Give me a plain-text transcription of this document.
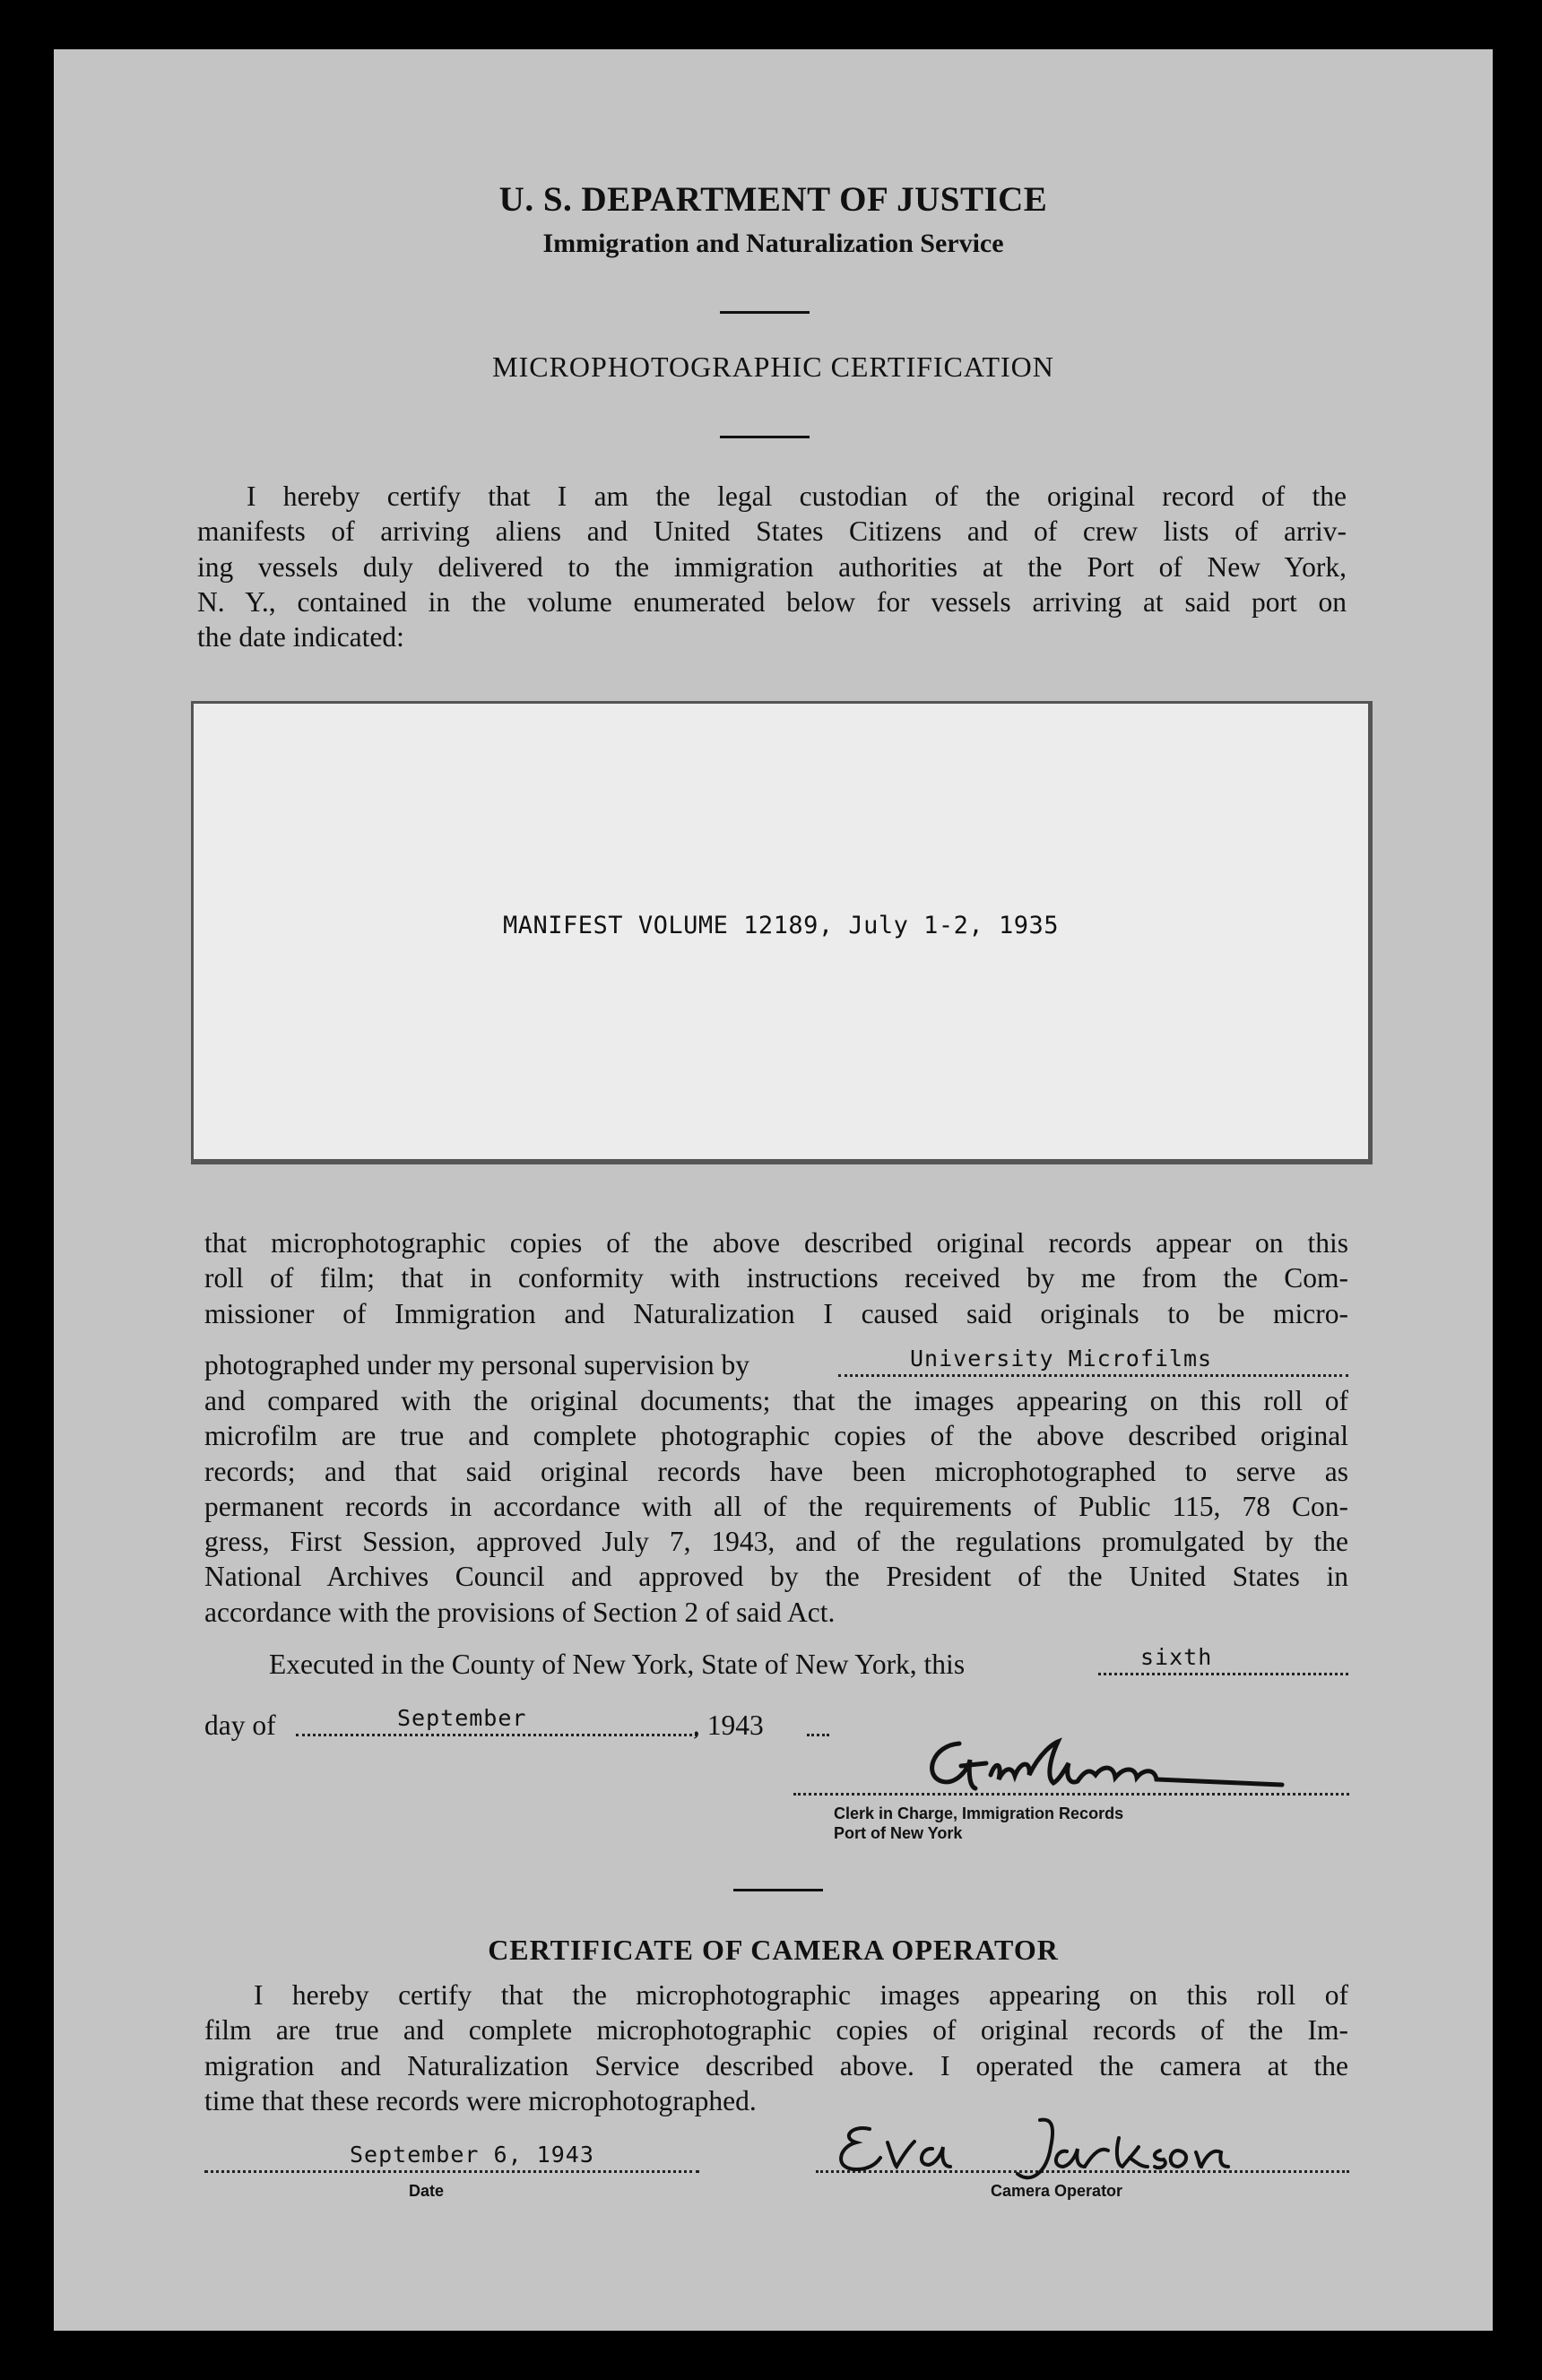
U. S. DEPARTMENT OF JUSTICE
Immigration and Naturalization Service
MICROPHOTOGRAPHIC CERTIFICATION
I hereby certify that I am the legal custodian of the original record of the
manifests of arriving aliens and United States Citizens and of crew lists of arriv-
ing vessels duly delivered to the immigration authorities at the Port of New York,
N. Y., contained in the volume enumerated below for vessels arriving at said port on
the date indicated:
MANIFEST VOLUME 12189, July 1-2, 1935
that microphotographic copies of the above described original records appear on this
roll of film; that in conformity with instructions received by me from the Com-
missioner of Immigration and Naturalization I caused said originals to be micro-
photographed under my personal supervision by	University Microfilms
and compared with the original documents; that the images appearing on this roll of
microfilm are true and complete photographic copies of the above described original
records; and that said original records have been microphotographed to serve as
permanent records in accordance with all of the requirements of Public 115, 78 Con-
gress, First Session, approved July 7, 1943, and of the regulations promulgated by the
National Archives Council and approved by the President of the United States in
accordance with the provisions of Section 2 of said Act.
Executed in the County of New York, State of New York, this	sixth
day of	September	, 1943
Clerk in Charge, Immigration Records
Port of New York
CERTIFICATE OF CAMERA OPERATOR
I hereby certify that the microphotographic images appearing on this roll of
film are true and complete microphotographic copies of original records of the Im-
migration and Naturalization Service described above. I operated the camera at the
time that these records were microphotographed.
September 6, 1943
Date	Camera Operator
